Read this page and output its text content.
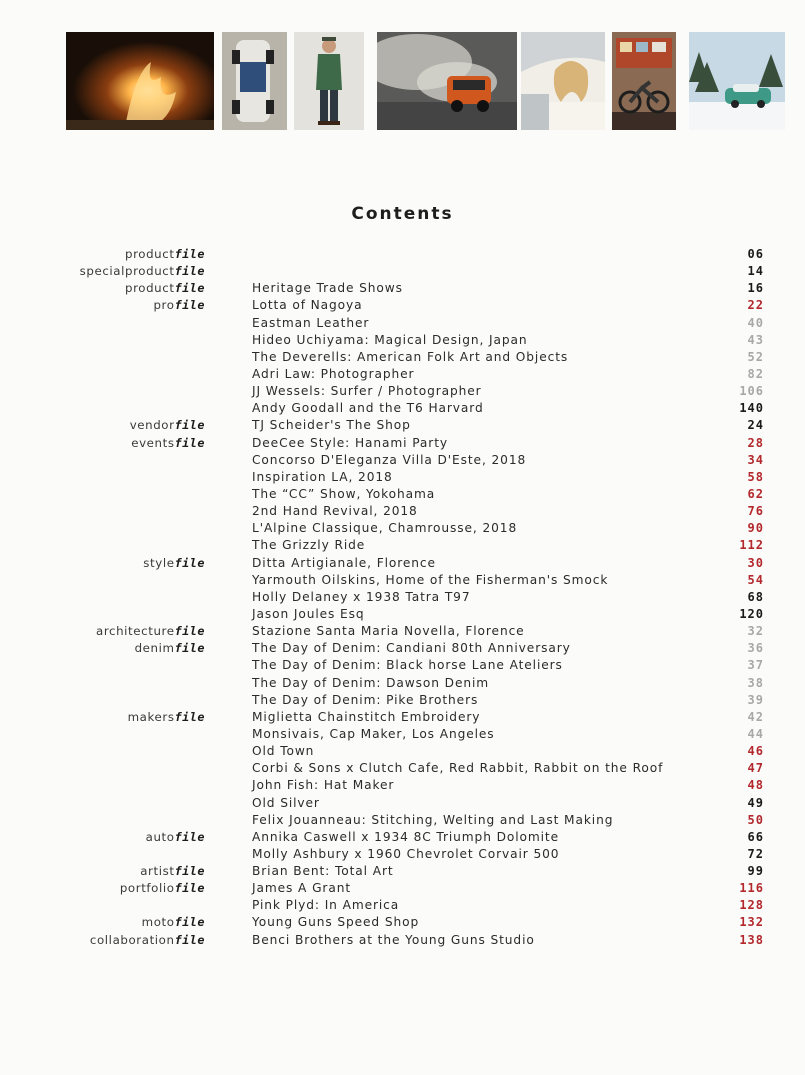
Contents
productfile	06
specialproductfile	14
productfile	Heritage Trade Shows	16
profile	Lotta of Nagoya	22
Eastman Leather	40
Hideo Uchiyama: Magical Design, Japan	43
The Deverells: American Folk Art and Objects	52
Adri Law: Photographer	82
JJ Wessels: Surfer / Photographer	106
Andy Goodall and the T6 Harvard	140
vendorfile	TJ Scheider's The Shop	24
eventsfile	DeeCee Style: Hanami Party	28
Concorso D'Eleganza Villa D'Este, 2018	34
Inspiration LA, 2018	58
The “CC” Show, Yokohama	62
2nd Hand Revival, 2018	76
L'Alpine Classique, Chamrousse, 2018	90
The Grizzly Ride	112
stylefile	Ditta Artigianale, Florence	30
Yarmouth Oilskins, Home of the Fisherman's Smock	54
Holly Delaney x 1938 Tatra T97	68
Jason Joules Esq	120
architecturefile	Stazione Santa Maria Novella, Florence	32
denimfile	The Day of Denim: Candiani 80th Anniversary	36
The Day of Denim: Black horse Lane Ateliers	37
The Day of Denim: Dawson Denim	38
The Day of Denim: Pike Brothers	39
makersfile	Miglietta Chainstitch Embroidery	42
Monsivais, Cap Maker, Los Angeles	44
Old Town	46
Corbi & Sons x Clutch Cafe, Red Rabbit, Rabbit on the Roof	47
John Fish: Hat Maker	48
Old Silver	49
Felix Jouanneau: Stitching, Welting and Last Making	50
autofile	Annika Caswell x 1934 8C Triumph Dolomite	66
Molly Ashbury x 1960 Chevrolet Corvair 500	72
artistfile	Brian Bent: Total Art	99
portfoliofile	James A Grant	116
Pink Plyd: In America	128
motofile	Young Guns Speed Shop	132
collaborationfile	Benci Brothers at the Young Guns Studio	138
